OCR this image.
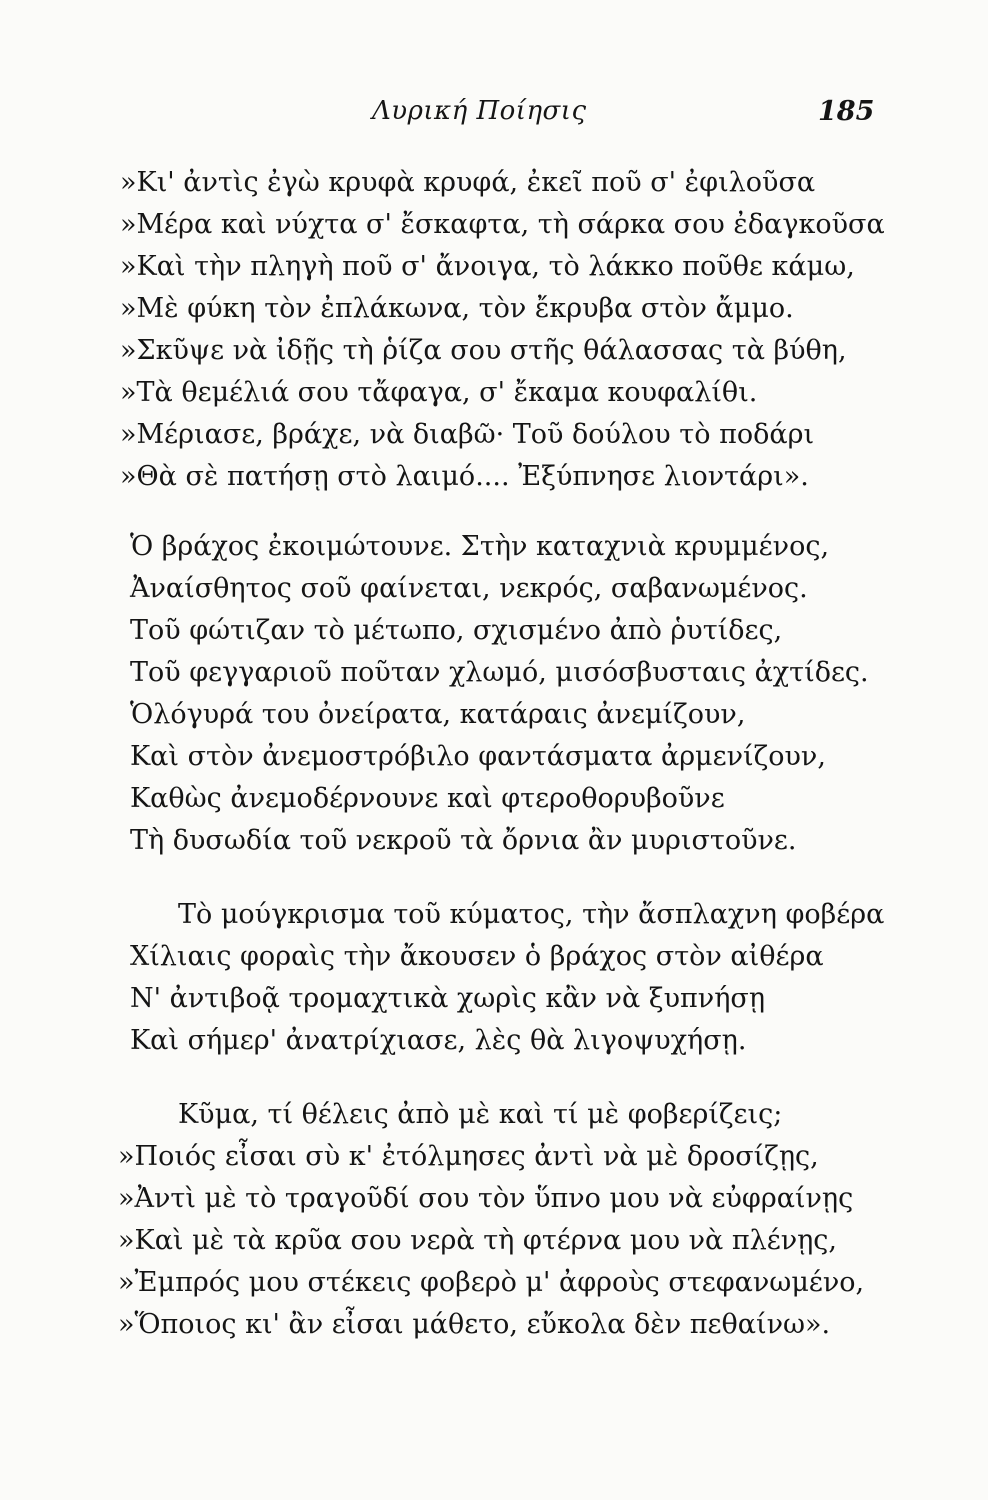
Λυρική Ποίησις	185
»Κι' ἀντὶς ἐγὼ κρυφὰ κρυφά, ἐκεῖ ποῦ σ' ἐφιλοῦσα
»Μέρα καὶ νύχτα σ' ἔσκαφτα, τὴ σάρκα σου ἐδαγκοῦσα
»Καὶ τὴν πληγὴ ποῦ σ' ἄνοιγα, τὸ λάκκο ποῦθε κάμω,
»Μὲ φύκη τὸν ἐπλάκωνα, τὸν ἔκρυβα στὸν ἄμμο.
»Σκῦψε νὰ ἰδῇς τὴ ῥίζα σου στῆς θάλασσας τὰ βύθη,
»Τὰ θεμέλιά σου τἄφαγα, σ' ἔκαμα κουφαλίθι.
»Μέριασε, βράχε, νὰ διαβῶ· Τοῦ δούλου τὸ ποδάρι
»Θὰ σὲ πατήσῃ στὸ λαιμό.... Ἐξύπνησε λιοντάρι».
Ὁ βράχος ἐκοιμώτουνε. Στὴν καταχνιὰ κρυμμένος,
Ἀναίσθητος σοῦ φαίνεται, νεκρός, σαβανωμένος.
Τοῦ φώτιζαν τὸ μέτωπο, σχισμένο ἀπὸ ῥυτίδες,
Τοῦ φεγγαριοῦ ποῦταν χλωμό, μισόσβυσταις ἀχτίδες.
Ὁλόγυρά του ὀνείρατα, κατάραις ἀνεμίζουν,
Καὶ στὸν ἀνεμοστρόβιλο φαντάσματα ἀρμενίζουν,
Καθὼς ἀνεμοδέρνουνε καὶ φτεροθορυβοῦνε
Τὴ δυσωδία τοῦ νεκροῦ τὰ ὄρνια ἂν μυριστοῦνε.
Τὸ μούγκρισμα τοῦ κύματος, τὴν ἄσπλαχνη φοβέρα
Χίλιαις φοραὶς τὴν ἄκουσεν ὁ βράχος στὸν αἰθέρα
Ν' ἀντιβοᾷ τρομαχτικὰ χωρὶς κἂν νὰ ξυπνήσῃ
Καὶ σήμερ' ἀνατρίχιασε, λὲς θὰ λιγοψυχήσῃ.
Κῦμα, τί θέλεις ἀπὸ μὲ καὶ τί μὲ φοβερίζεις;
»Ποιός εἶσαι σὺ κ' ἐτόλμησες ἀντὶ νὰ μὲ δροσίζῃς,
»Ἀντὶ μὲ τὸ τραγοῦδί σου τὸν ὕπνο μου νὰ εὐφραίνῃς
»Καὶ μὲ τὰ κρῦα σου νερὰ τὴ φτέρνα μου νὰ πλένῃς,
»Ἐμπρός μου στέκεις φοβερὸ μ' ἀφροὺς στεφανωμένο,
»Ὅποιος κι' ἂν εἶσαι μάθετο, εὔκολα δὲν πεθαίνω».
